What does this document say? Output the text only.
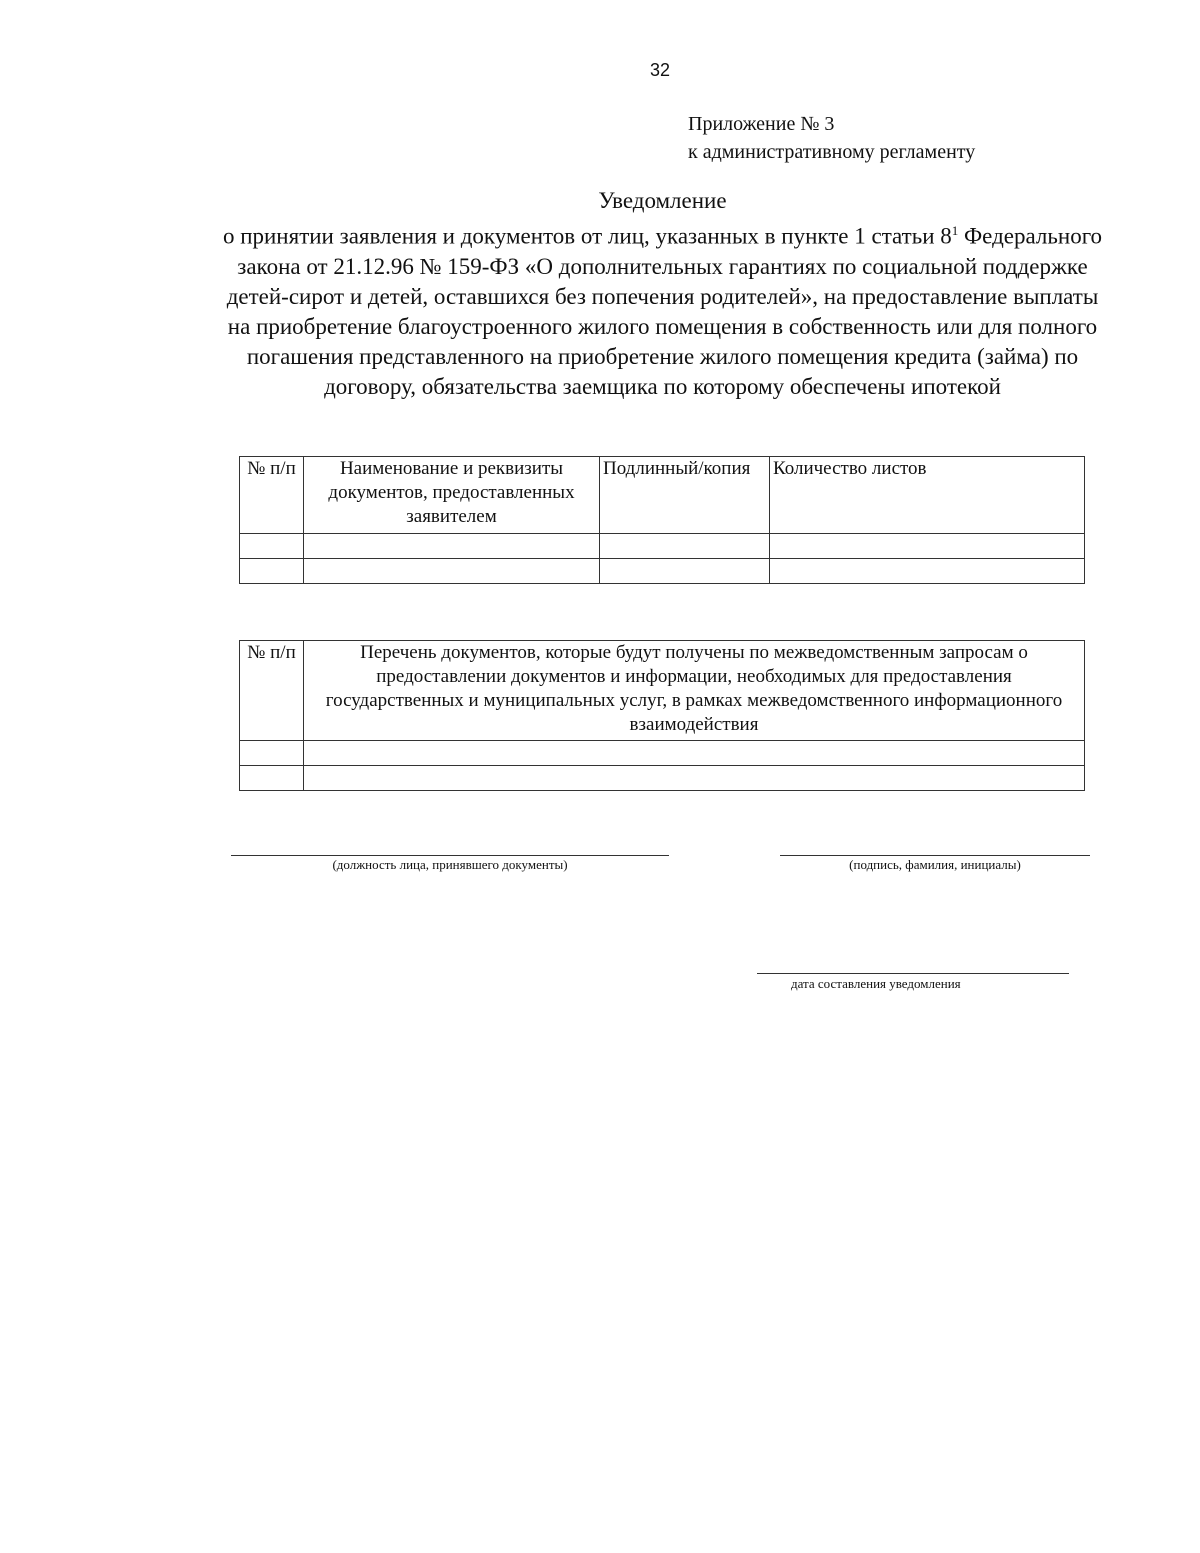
32
Приложение № 3
к административному регламенту
Уведомление
о принятии заявления и документов от лиц, указанных в пункте 1 статьи $8^1$ Федерального закона от 21.12.96 № 159-ФЗ «О дополнительных гарантиях по социальной поддержке детей-сирот и детей, оставшихся без попечения родителей», на предоставление выплаты на приобретение благоустроенного жилого помещения в собственность или для полного погашения представленного на приобретение жилого помещения кредита (займа) по договору, обязательства заемщика по которому обеспечены ипотекой
№ п/п	Наименование и реквизиты документов, предоставленных заявителем	Подлинный/копия	Количество листов

№ п/п	Перечень документов, которые будут получены по межведомственным запросам о предоставлении документов и информации, необходимых для предоставления государственных и муниципальных услуг, в рамках межведомственного информационного взаимодействия

(должность лица, принявшего документы)	(подпись, фамилия, инициалы)
дата составления уведомления
